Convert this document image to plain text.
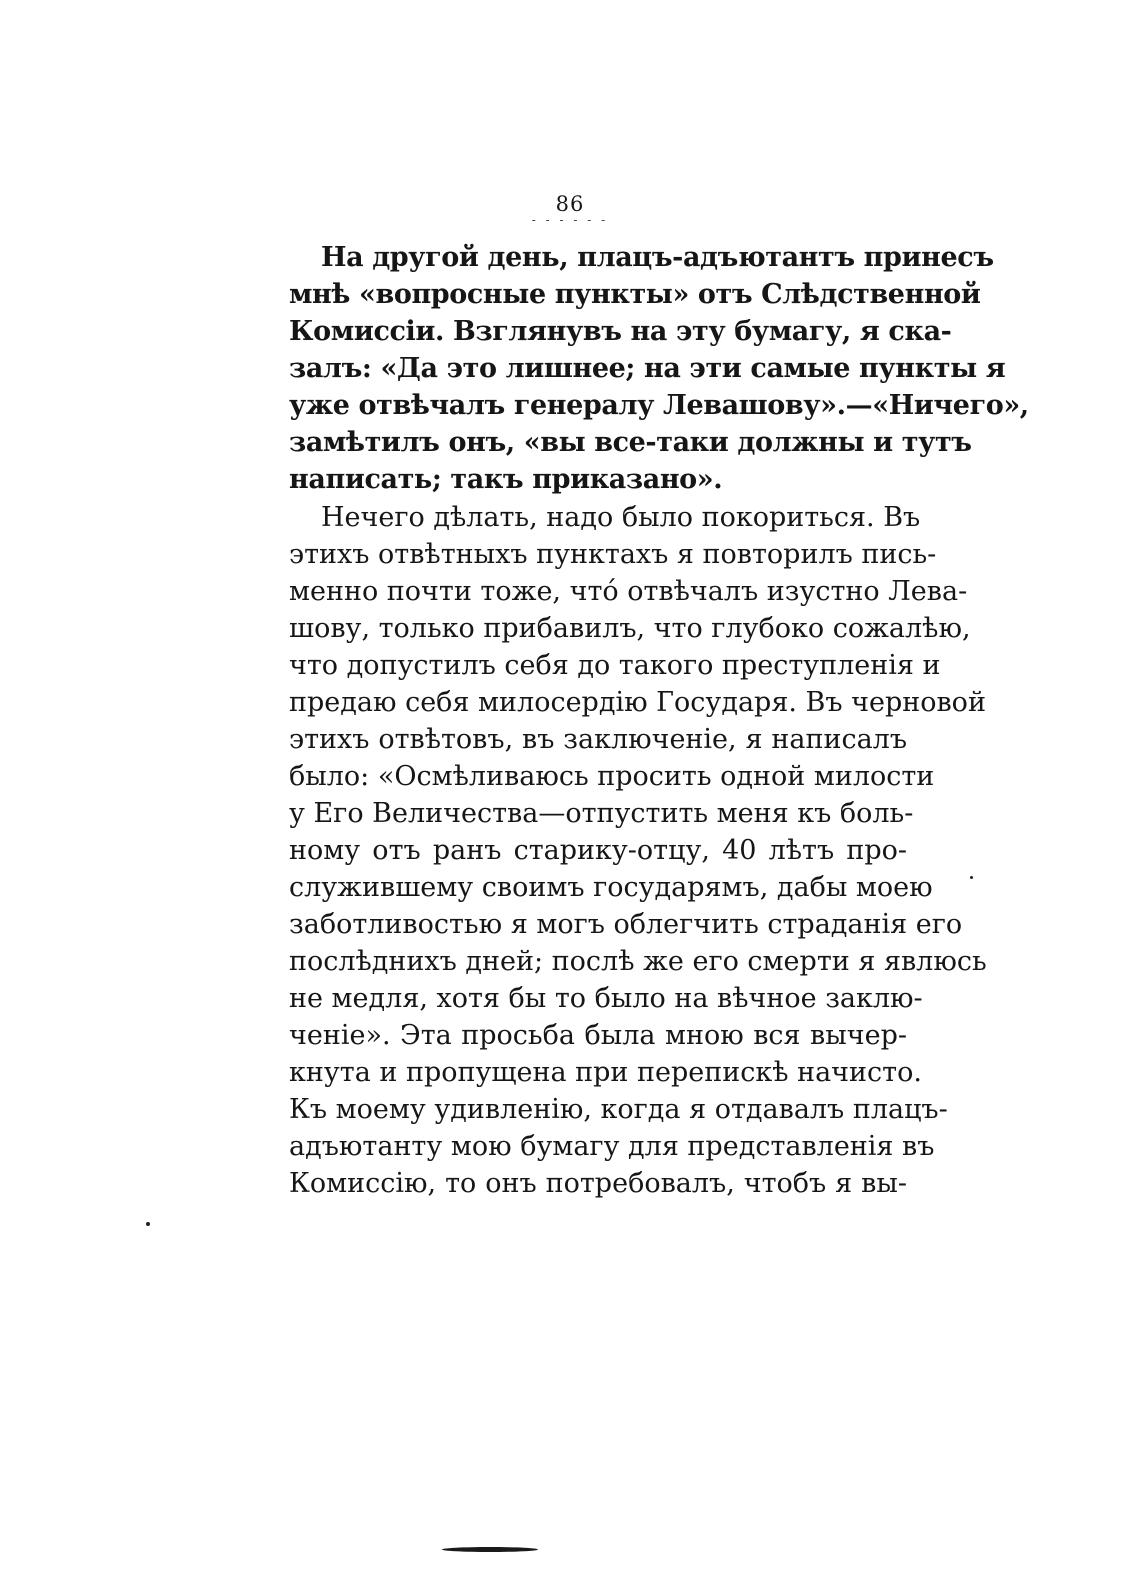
86
- - - - - -
На другой день, плацъ-адъютантъ принесъ
мнѣ «вопросные пункты» отъ Слѣдственной
Комиссіи. Взглянувъ на эту бумагу, я ска-
залъ: «Да это лишнее; на эти самые пункты я
уже отвѣчалъ генералу Левашову».—«Ничего»,
замѣтилъ онъ, «вы все-таки должны и тутъ
написать; такъ приказано».
Нечего дѣлать, надо было покориться. Въ
этихъ отвѣтныхъ пунктахъ я повторилъ пись-
менно почти тоже, чтó отвѣчалъ изустно Лева-
шову, только прибавилъ, что глубоко сожалѣю,
что допустилъ себя до такого преступленія и
предаю себя милосердію Государя. Въ черновой
этихъ отвѣтовъ, въ заключеніе, я написалъ
было: «Осмѣливаюсь просить одной милости
у Его Величества—отпустить меня къ боль-
ному отъ ранъ старику-отцу, 40 лѣтъ про-
служившему своимъ государямъ, дабы моею
заботливостью я могъ облегчить страданія его
послѣднихъ дней; послѣ же его смерти я явлюсь
не медля, хотя бы то было на вѣчное заклю-
ченіе». Эта просьба была мною вся вычер-
кнута и пропущена при перепискѣ начисто.
Къ моему удивленію, когда я отдавалъ плацъ-
адъютанту мою бумагу для представленія въ
Комиссію, то онъ потребовалъ, чтобъ я вы-
